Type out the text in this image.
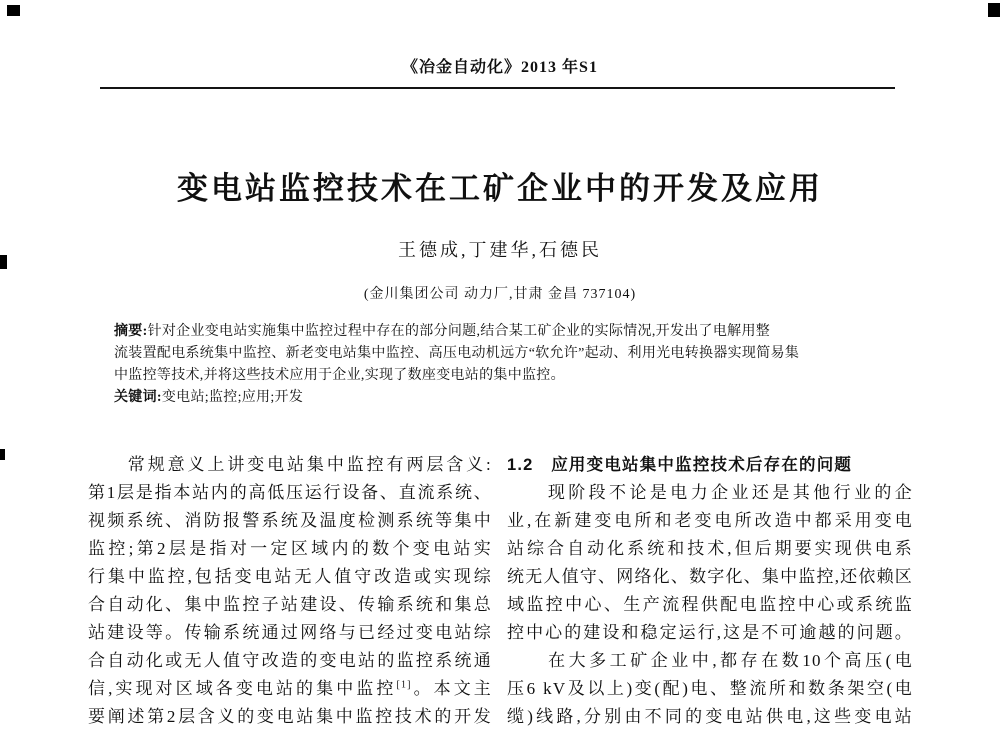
《冶金自动化》2013 年S1
变电站监控技术在工矿企业中的开发及应用
王德成,丁建华,石德民
(金川集团公司 动力厂,甘肃 金昌 737104)
摘要:针对企业变电站实施集中监控过程中存在的部分问题,结合某工矿企业的实际情况,开发出了电解用整
流装置配电系统集中监控、新老变电站集中监控、高压电动机远方“软允许”起动、利用光电转换器实现简易集
中监控等技术,并将这些技术应用于企业,实现了数座变电站的集中监控。
关键词:变电站;监控;应用;开发
　　常规意义上讲变电站集中监控有两层含义:
第1层是指本站内的高低压运行设备、直流系统、
视频系统、消防报警系统及温度检测系统等集中
监控;第2层是指对一定区域内的数个变电站实
行集中监控,包括变电站无人值守改造或实现综
合自动化、集中监控子站建设、传输系统和集总
站建设等。传输系统通过网络与已经过变电站综
合自动化或无人值守改造的变电站的监控系统通
信,实现对区域各变电站的集中监控[1]。本文主
要阐述第2层含义的变电站集中监控技术的开发
1.2　应用变电站集中监控技术后存在的问题
　　现阶段不论是电力企业还是其他行业的企
业,在新建变电所和老变电所改造中都采用变电
站综合自动化系统和技术,但后期要实现供电系
统无人值守、网络化、数字化、集中监控,还依赖区
域监控中心、生产流程供配电监控中心或系统监
控中心的建设和稳定运行,这是不可逾越的问题。
　　在大多工矿企业中,都存在数10个高压(电
压6 kV及以上)变(配)电、整流所和数条架空(电
缆)线路,分别由不同的变电站供电,这些变电站
